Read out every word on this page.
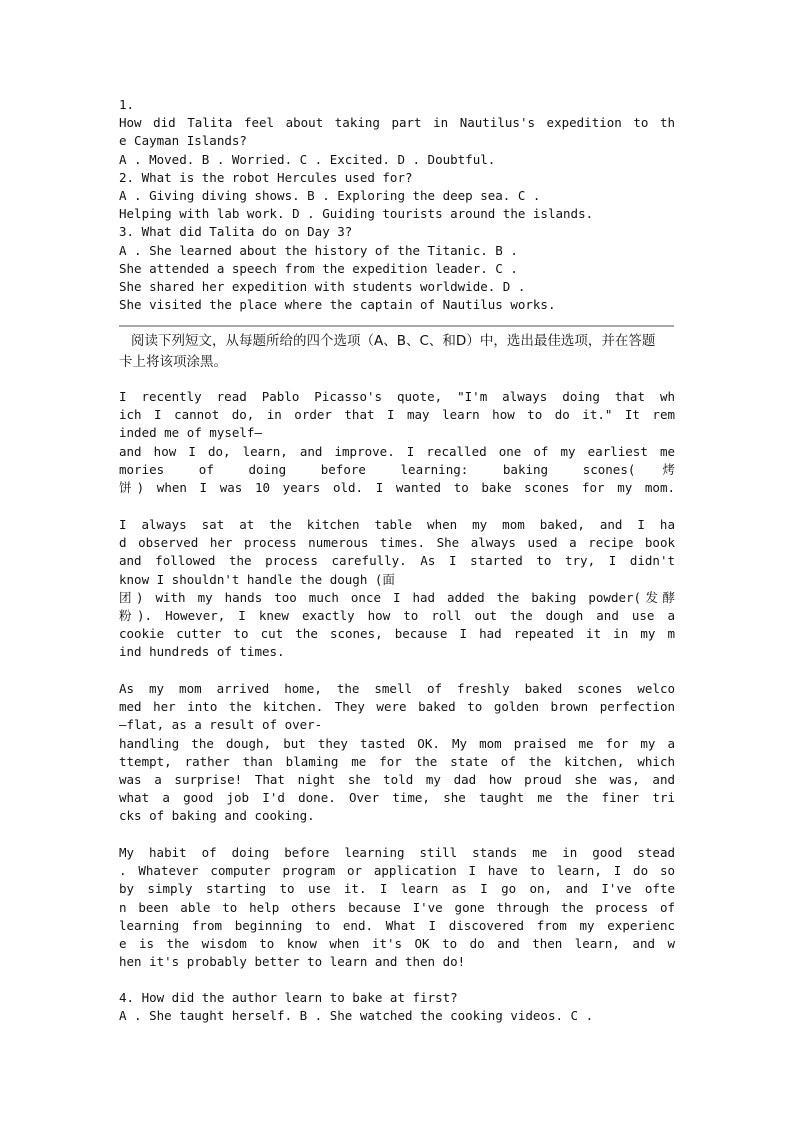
1.
How did Talita feel about taking part in Nautilus's expedition to th
e Cayman Islands?
A . Moved. B . Worried. C . Excited. D . Doubtful.
2. What is the robot Hercules used for?
A . Giving diving shows. B . Exploring the deep sea. C .
Helping with lab work. D . Guiding tourists around the islands.
3. What did Talita do on Day 3?
A . She learned about the history of the Titanic. B .
She attended a speech from the expedition leader. C .
She shared her expedition with students worldwide. D .
She visited the place where the captain of Nautilus works.
阅读下列短文，从每题所给的四个选项（A、B、C、和D）中，选出最佳选项，并在答题
卡上将该项涂黑。
I recently read Pablo Picasso's quote, "I'm always doing that wh
ich I cannot do, in order that I may learn how to do it." It rem
inded me of myself—
and how I do, learn, and improve. I recalled one of my earliest me
mories of doing before learning: baking scones(烤
饼) when I was 10 years old. I wanted to bake scones for my mom.
I always sat at the kitchen table when my mom baked, and I ha
d observed her process numerous times. She always used a recipe book
and followed the process carefully. As I started to try, I didn't
know I shouldn't handle the dough (面
团) with my hands too much once I had added the baking powder(发酵
粉). However, I knew exactly how to roll out the dough and use a
cookie cutter to cut the scones, because I had repeated it in my m
ind hundreds of times.
As my mom arrived home, the smell of freshly baked scones welco
med her into the kitchen. They were baked to golden brown perfection
—flat, as a result of over-
handling the dough, but they tasted OK. My mom praised me for my a
ttempt, rather than blaming me for the state of the kitchen, which
was a surprise! That night she told my dad how proud she was, and
what a good job I'd done. Over time, she taught me the finer tri
cks of baking and cooking.
My habit of doing before learning still stands me in good stead
. Whatever computer program or application I have to learn, I do so
by simply starting to use it. I learn as I go on, and I've ofte
n been able to help others because I've gone through the process of
learning from beginning to end. What I discovered from my experienc
e is the wisdom to know when it's OK to do and then learn, and w
hen it's probably better to learn and then do!
4. How did the author learn to bake at first?
A . She taught herself. B . She watched the cooking videos. C .
